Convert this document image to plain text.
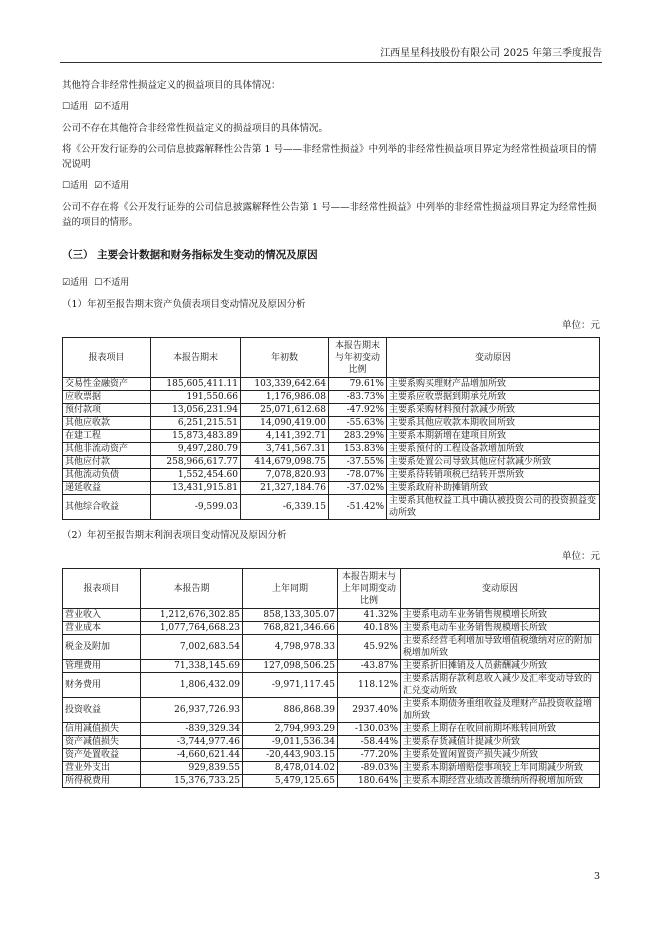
江西星星科技股份有限公司 2025 年第三季度报告

其他符合非经常性损益定义的损益项目的具体情况：

☐适用 ☑不适用

公司不存在其他符合非经常性损益定义的损益项目的具体情况。

将《公开发行证券的公司信息披露解释性公告第 1 号——非经常性损益》中列举的非经常性损益项目界定为经常性损益项目的情况说明

☐适用 ☑不适用

公司不存在将《公开发行证券的公司信息披露解释性公告第 1 号——非经常性损益》中列举的非经常性损益项目界定为经常性损益的项目的情形。

（三） 主要会计数据和财务指标发生变动的情况及原因

☑适用 ☐不适用

（1）年初至报告期末资产负债表项目变动情况及原因分析

单位：元
报表项目	本报告期末	年初数	本报告期末与年初变动比例	变动原因
交易性金融资产	185,605,411.11	103,339,642.64	79.61%	主要系购买理财产品增加所致
应收票据	191,550.66	1,176,986.08	-83.73%	主要系应收票据到期承兑所致
预付款项	13,056,231.94	25,071,612.68	-47.92%	主要系采购材料预付款减少所致
其他应收款	6,251,215.51	14,090,419.00	-55.63%	主要系其他应收款本期收回所致
在建工程	15,873,483.89	4,141,392.71	283.29%	主要系本期新增在建项目所致
其他非流动资产	9,497,280.79	3,741,567.31	153.83%	主要系预付的工程设备款增加所致
其他应付款	258,966,617.77	414,679,098.75	-37.55%	主要系处置公司导致其他应付款减少所致
其他流动负债	1,552,454.60	7,078,820.93	-78.07%	主要系待转销项税已结转开票所致
递延收益	13,431,915.81	21,327,184.76	-37.02%	主要系政府补助摊销所致
其他综合收益	-9,599.03	-6,339.15	-51.42%	主要系其他权益工具中确认被投资公司的投资损益变动所致

（2）年初至报告期末利润表项目变动情况及原因分析

单位：元
报表项目	本报告期	上年同期	本报告期末与上年同期变动比例	变动原因
营业收入	1,212,676,302.85	858,133,305.07	41.32%	主要系电动车业务销售规模增长所致
营业成本	1,077,764,668.23	768,821,346.66	40.18%	主要系电动车业务销售规模增长所致
税金及附加	7,002,683.54	4,798,978.33	45.92%	主要系经营毛利增加导致增值税缴纳对应的附加税增加所致
管理费用	71,338,145.69	127,098,506.25	-43.87%	主要系折旧摊销及人员薪酬减少所致
财务费用	1,806,432.09	-9,971,117.45	118.12%	主要系活期存款利息收入减少及汇率变动导致的汇兑变动所致
投资收益	26,937,726.93	886,868.39	2937.40%	主要系本期债务重组收益及理财产品投资收益增加所致
信用减值损失	-839,329.34	2,794,993.29	-130.03%	主要系上期存在收回前期坏账转回所致
资产减值损失	-3,744,977.46	-9,011,536.34	-58.44%	主要系存货减值计提减少所致
资产处置收益	-4,660,621.44	-20,443,903.15	-77.20%	主要系处置闲置资产损失减少所致
营业外支出	929,839.55	8,478,014.02	-89.03%	主要系本期新增赔偿事项较上年同期减少所致
所得税费用	15,376,733.25	5,479,125.65	180.64%	主要系本期经营业绩改善缴纳所得税增加所致
3
